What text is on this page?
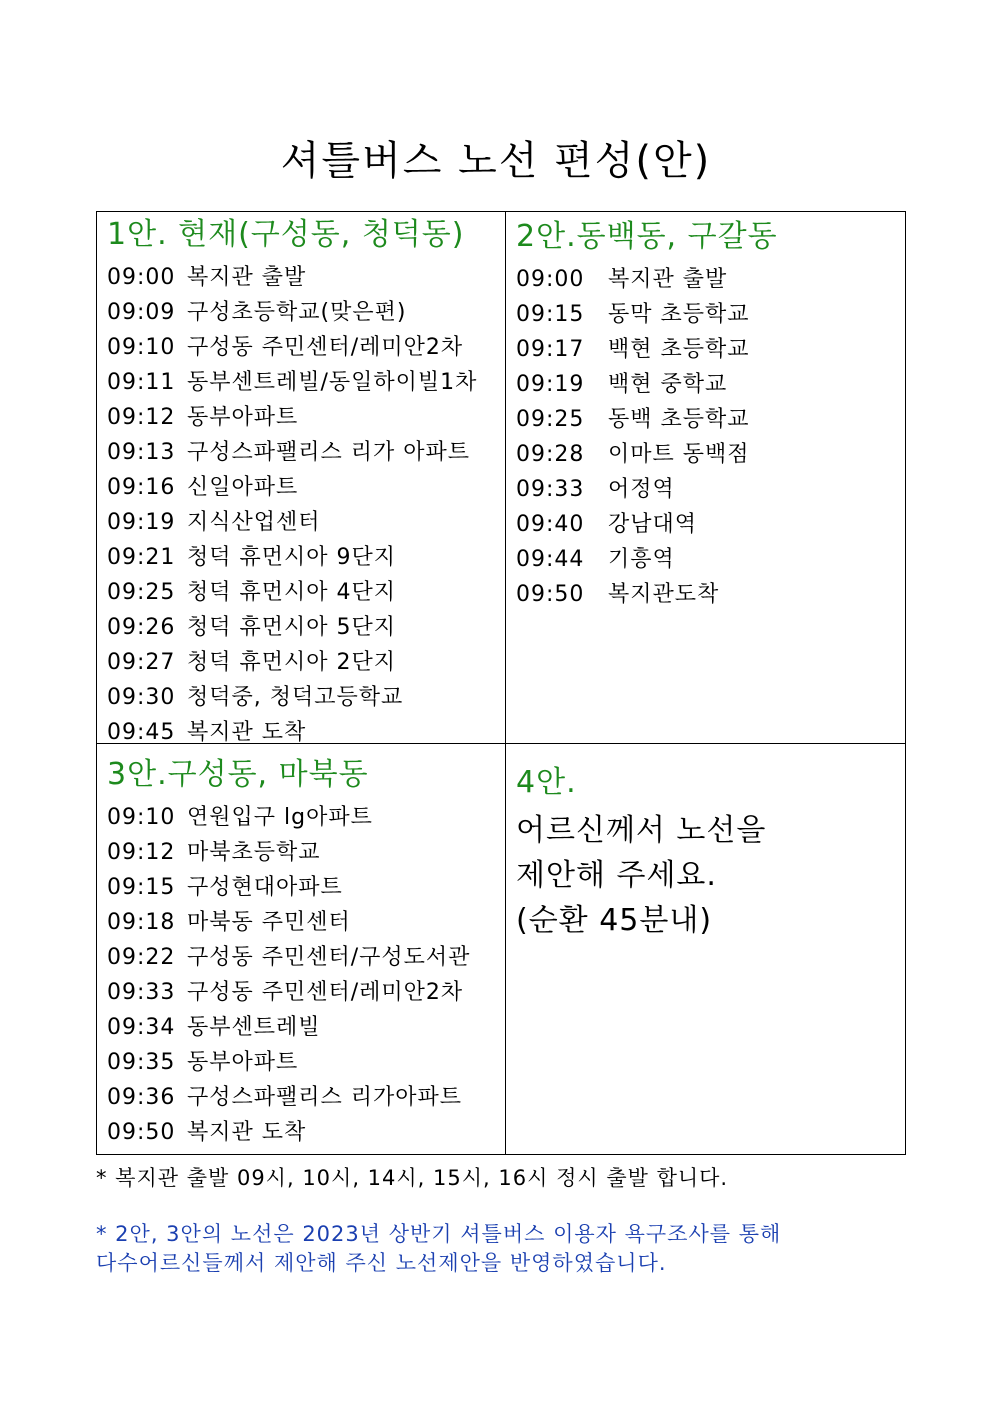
셔틀버스 노선 편성(안)
1안. 현재(구성동, 청덕동)
09:00 복지관 출발
09:09 구성초등학교(맞은편)
09:10 구성동 주민센터/레미안2차
09:11 동부센트레빌/동일하이빌1차
09:12 동부아파트
09:13 구성스파팰리스 리가 아파트
09:16 신일아파트
09:19 지식산업센터
09:21 청덕 휴먼시아 9단지
09:25 청덕 휴먼시아 4단지
09:26 청덕 휴먼시아 5단지
09:27 청덕 휴먼시아 2단지
09:30 청덕중, 청덕고등학교
09:45 복지관 도착
2안.동백동, 구갈동
09:00 복지관 출발
09:15 동막 초등학교
09:17 백현 초등학교
09:19 백현 중학교
09:25 동백 초등학교
09:28 이마트 동백점
09:33 어정역
09:40 강남대역
09:44 기흥역
09:50 복지관도착
3안.구성동, 마북동
09:10 연원입구 lg아파트
09:12 마북초등학교
09:15 구성현대아파트
09:18 마북동 주민센터
09:22 구성동 주민센터/구성도서관
09:33 구성동 주민센터/레미안2차
09:34 동부센트레빌
09:35 동부아파트
09:36 구성스파팰리스 리가아파트
09:50 복지관 도착
4안.
어르신께서 노선을
제안해 주세요.
(순환 45분내)
* 복지관 출발 09시, 10시, 14시, 15시, 16시 정시 출발 합니다.
* 2안, 3안의 노선은 2023년 상반기 셔틀버스 이용자 욕구조사를 통해
다수어르신들께서 제안해 주신 노선제안을 반영하였습니다.
